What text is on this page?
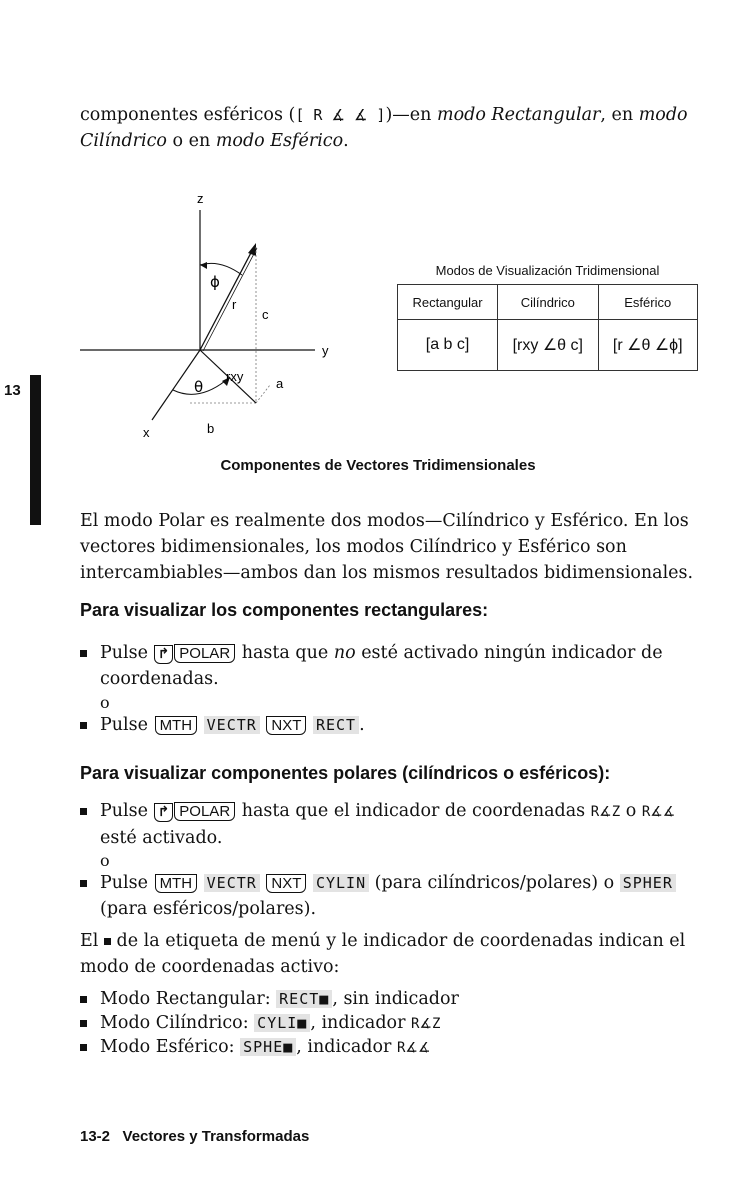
13
componentes esféricos ([ R ∡ ∡ ])—en modo Rectangular, en modo Cilíndrico o en modo Esférico.
z
y
x
ϕ
r
c
θ
rxy	a
b
Modos de Visualización Tridimensional
Rectangular	Cilíndrico	Esférico
[a b c]	[rxy ∠θ c]	[r ∠θ ∠ϕ]
Componentes de Vectores Tridimensionales
El modo Polar es realmente dos modos—Cilíndrico y Esférico. En los vectores bidimensionales, los modos Cilíndrico y Esférico son intercambiables—ambos dan los mismos resultados bidimensionales.
Para visualizar los componentes rectangulares:
Pulse ↱ POLAR hasta que no esté activado ningún indicador de coordenadas.
o
Pulse MTH VECTR NXT RECT .
Para visualizar componentes polares (cilíndricos o esféricos):
Pulse ↱ POLAR hasta que el indicador de coordenadas R∡Z o R∡∡ esté activado.
o
Pulse MTH VECTR NXT CYLIN (para cilíndricos/polares) o SPHER (para esféricos/polares).
El  de la etiqueta de menú y le indicador de coordenadas indican el modo de coordenadas activo:
Modo Rectangular: RECT■ , sin indicador
Modo Cilíndrico: CYLI■ , indicador R∡Z
Modo Esférico: SPHE■ , indicador R∡∡
13-2   Vectores y Transformadas
